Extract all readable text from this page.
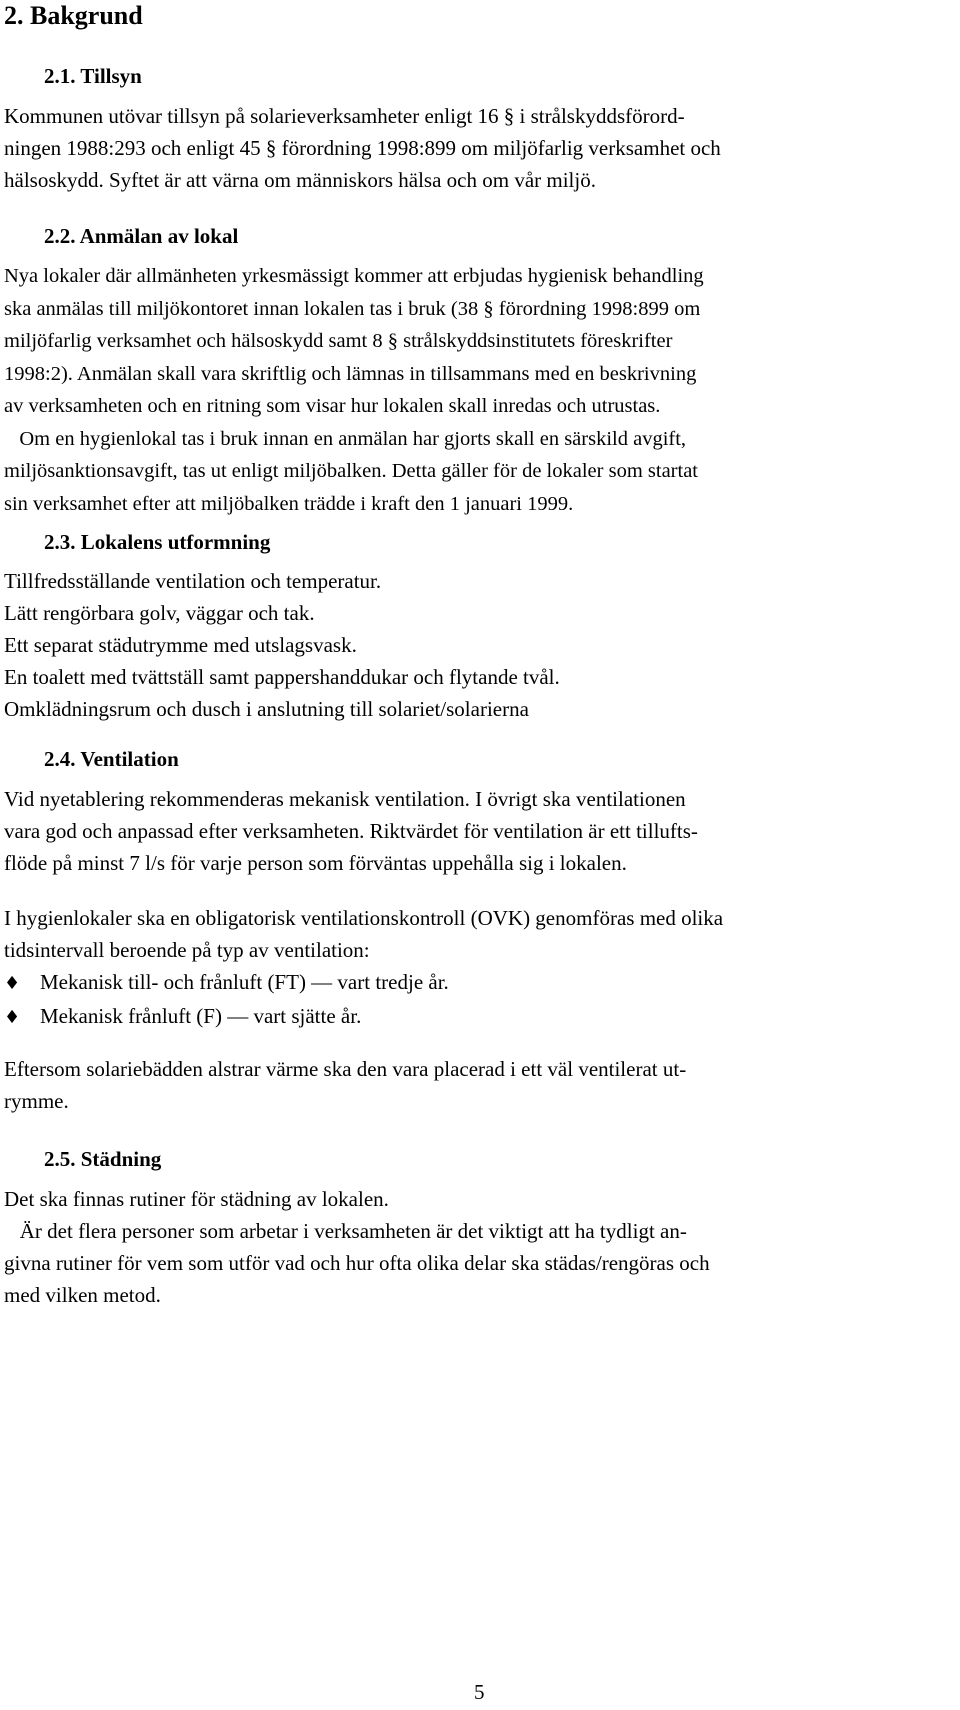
2. Bakgrund
2.1. Tillsyn
Kommunen utövar tillsyn på solarieverksamheter enligt 16 § i strålskyddsförord-
ningen 1988:293 och enligt 45 § förordning 1998:899 om miljöfarlig verksamhet och
hälsoskydd. Syftet är att värna om människors hälsa och om vår miljö.
2.2. Anmälan av lokal
Nya lokaler där allmänheten yrkesmässigt kommer att erbjudas hygienisk behandling
ska anmälas till miljökontoret innan lokalen tas i bruk (38 § förordning 1998:899 om
miljöfarlig verksamhet och hälsoskydd samt 8 § strålskyddsinstitutets föreskrifter
1998:2). Anmälan skall vara skriftlig och lämnas in tillsammans med en beskrivning
av verksamheten och en ritning som visar hur lokalen skall inredas och utrustas.
Om en hygienlokal tas i bruk innan en anmälan har gjorts skall en särskild avgift,
miljösanktionsavgift, tas ut enligt miljöbalken. Detta gäller för de lokaler som startat
sin verksamhet efter att miljöbalken trädde i kraft den 1 januari 1999.
2.3. Lokalens utformning
Tillfredsställande ventilation och temperatur.
Lätt rengörbara golv, väggar och tak.
Ett separat städutrymme med utslagsvask.
En toalett med tvättställ samt pappershanddukar och flytande tvål.
Omklädningsrum och dusch i anslutning till solariet/solarierna
2.4. Ventilation
Vid nyetablering rekommenderas mekanisk ventilation. I övrigt ska ventilationen
vara god och anpassad efter verksamheten. Riktvärdet för ventilation är ett tillufts-
flöde på minst 7 l/s för varje person som förväntas uppehålla sig i lokalen.
I hygienlokaler ska en obligatorisk ventilationskontroll (OVK) genomföras med olika
tidsintervall beroende på typ av ventilation:
♦ Mekanisk till- och frånluft (FT) — vart tredje år.
♦ Mekanisk frånluft (F) — vart sjätte år.
Eftersom solariebädden alstrar värme ska den vara placerad i ett väl ventilerat ut-
rymme.
2.5. Städning
Det ska finnas rutiner för städning av lokalen.
Är det flera personer som arbetar i verksamheten är det viktigt att ha tydligt an-
givna rutiner för vem som utför vad och hur ofta olika delar ska städas/rengöras och
med vilken metod.
5
